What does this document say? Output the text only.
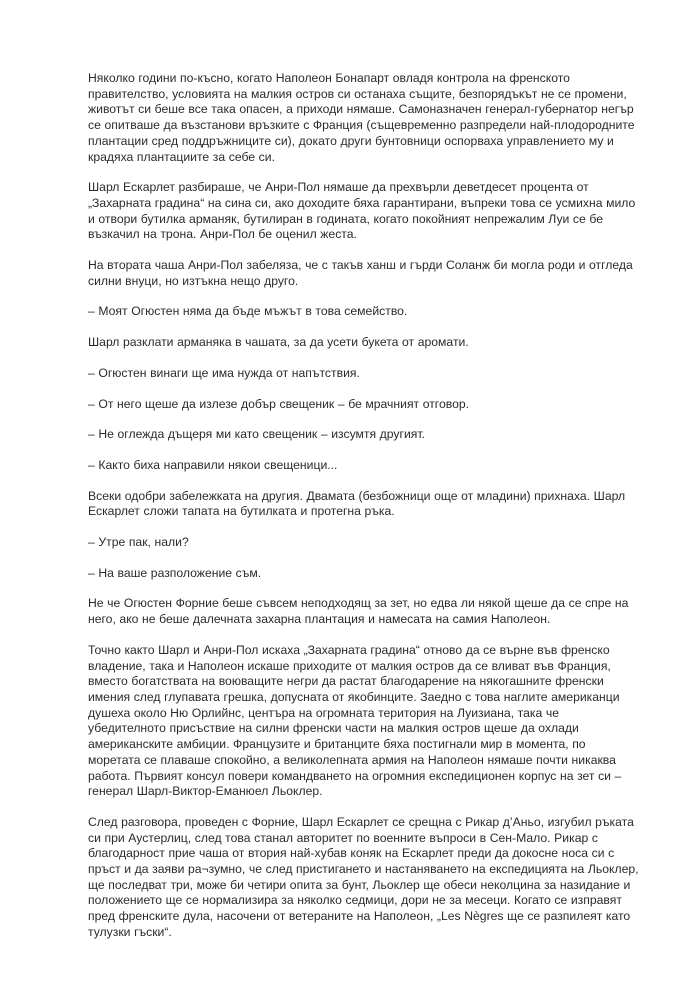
Няколко години по-късно, когато Наполеон Бонапарт овладя контрола на френското правителство, условията на малкия остров си останаха същите, безпорядъкът не се промени, животът си беше все така опасен, а приходи нямаше. Самоназначен генерал-губернатор негър се опитваше да възстанови връзките с Франция (същевременно разпредели най-плодородните плантации сред поддръжниците си), докато други бунтовници оспорваха управлението му и крадяха плантациите за себе си.

Шарл Ескарлет разбираше, че Анри-Пол нямаше да прехвърли деветдесет процента от „Захарната градина“ на сина си, ако доходите бяха гарантирани, въпреки това се усмихна мило и отвори бутилка арманяк, бутилиран в годината, когато покойният непрежалим Луи се бе възкачил на трона. Анри-Пол бе оценил жеста.

На втората чаша Анри-Пол забеляза, че с такъв ханш и гърди Соланж би могла роди и отгледа силни внуци, но изтъкна нещо друго.

– Моят Огюстен няма да бъде мъжът в това семейство.

Шарл разклати арманяка в чашата, за да усети букета от аромати.

– Огюстен винаги ще има нужда от напътствия.

– От него щеше да излезе добър свещеник – бе мрачният отговор.

– Не оглежда дъщеря ми като свещеник – изсумтя другият.

– Както биха направили някои свещеници...

Всеки одобри забележката на другия. Двамата (безбожници още от младини) прихнаха. Шарл Ескарлет сложи тапата на бутилката и протегна ръка.

– Утре пак, нали?

– На ваше разположение съм.

Не че Огюстен Форние беше съвсем неподходящ за зет, но едва ли някой щеше да се спре на него, ако не беше далечната захарна плантация и намесата на самия Наполеон.

Точно както Шарл и Анри-Пол искаха „Захарната градина“ отново да се върне във френско владение, така и Наполеон искаше приходите от малкия остров да се вливат във Франция, вместо богатствата на воюващите негри да растат благодарение на някогашните френски имения след глупавата грешка, допусната от якобинците. Заедно с това наглите американци душеха около Ню Орлийнс, центъра на огромната територия на Луизиана, така че убедителното присъствие на силни френски части на малкия остров щеше да охлади американските амбиции. Французите и британците бяха постигнали мир в момента, по моретата се плаваше спокойно, а великолепната армия на Наполеон нямаше почти никаква работа. Първият консул повери командването на огромния експедиционен корпус на зет си – генерал Шарл-Виктор-Еманюел Льоклер.

След разговора, проведен с Форние, Шарл Ескарлет се срещна с Рикар д’Аньо, изгубил ръката си при Аустерлиц, след това станал авторитет по военните въпроси в Сен-Мало. Рикар с благодарност прие чаша от втория най-хубав коняк на Ескарлет преди да докосне носа си с пръст и да заяви ра¬зумно, че след пристигането и настаняването на експедицията на Льоклер, ще последват три, може би четири опита за бунт, Льоклер ще обеси неколцина за назидание и положението ще се нормализира за няколко седмици, дори не за месеци. Когато се изправят пред френските дула, насочени от ветераните на Наполеон, „Les Nègres ще се разпилеят като тулузки гъски“.
